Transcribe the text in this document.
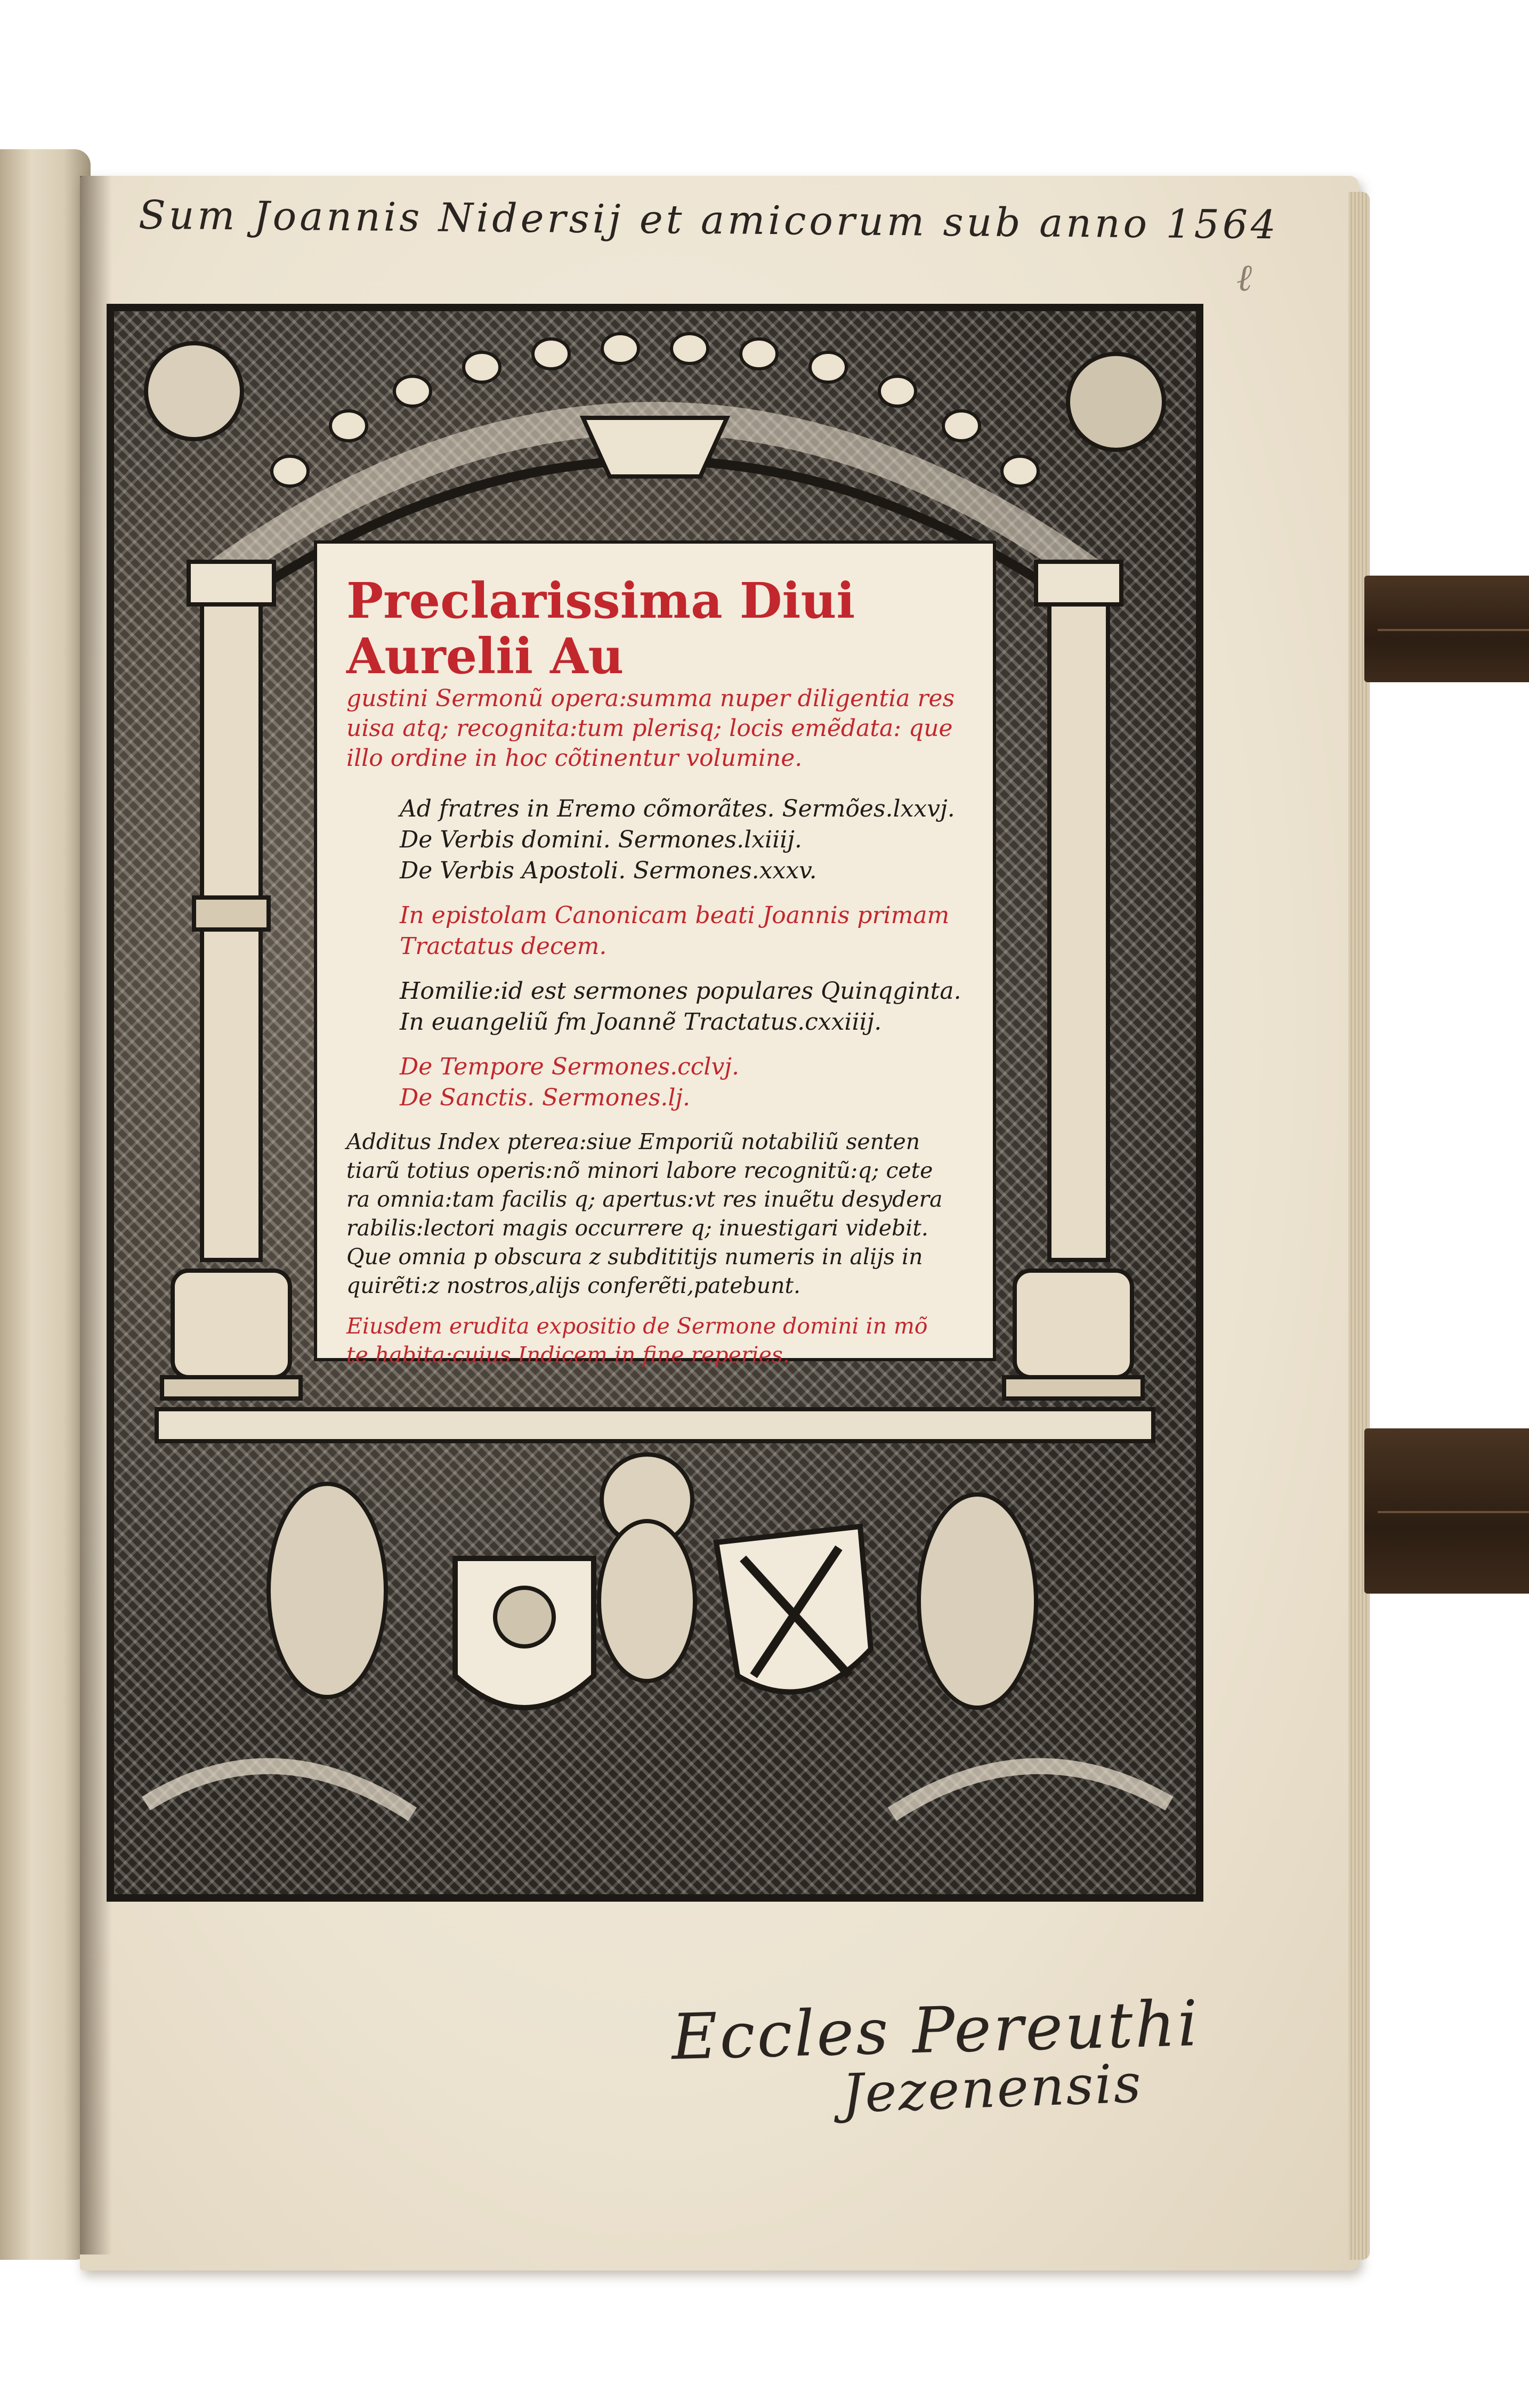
Sum Joannis Nidersij et amicorum sub anno 1564
ℓ
Preclarissima Diui Aurelii Au
gustini Sermonũ opera:summa nuper diligentia res
uisa atq; recognita:tum plerisq; locis emẽdata: que
illo ordine in hoc cõtinentur volumine.
Ad fratres in Eremo cõmorãtes. Sermões.lxxvj.
De Verbis domini. Sermones.lxiiij.
De Verbis Apostoli. Sermones.xxxv.
In epistolam Canonicam beati Joannis primam
Tractatus decem.
Homilie:id est sermones populares Quinqginta.
In euangeliũ fm Joannẽ Tractatus.cxxiiij.
De Tempore Sermones.cclvj.
De Sanctis. Sermones.lj.
Additus Index pterea:siue Emporiũ notabiliũ senten
tiarũ totius operis:nõ minori labore recognitũ:q; cete
ra omnia:tam facilis q; apertus:vt res inuẽtu desydera
rabilis:lectori magis occurrere q; inuestigari videbit.
Que omnia p obscura z subdititijs numeris in alijs in
quirẽti:z nostros,alijs conferẽti,patebunt.
Eiusdem erudita expositio de Sermone domini in mõ
te habita:cuius Indicem in fine reperies.
Eccles Pereuthi
Jezenensis
